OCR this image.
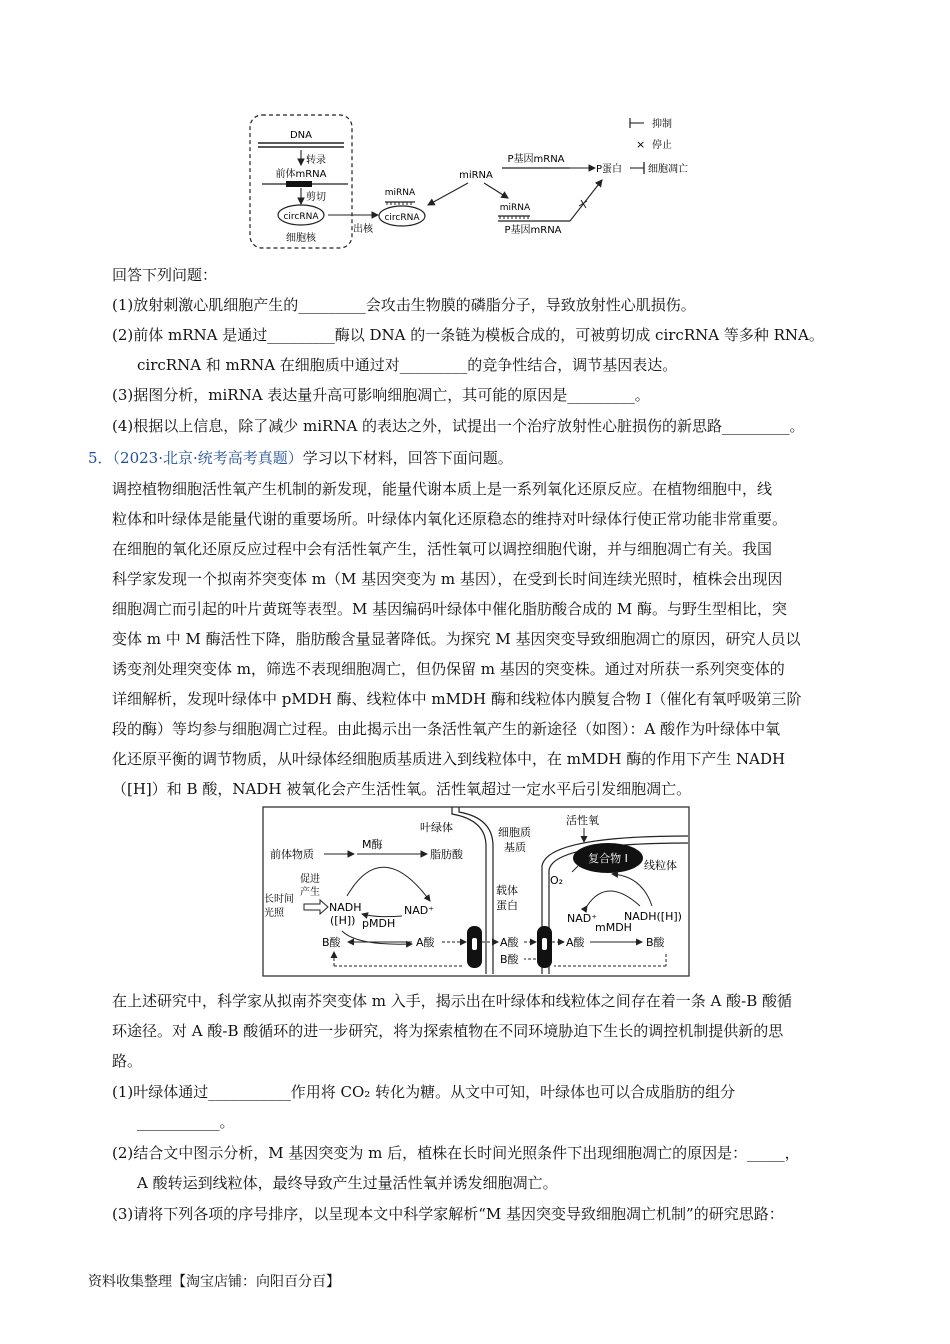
DNA
转录
前体mRNA
剪切
circRNA
细胞核
出核
miRNA
circRNA
miRNA
P基因mRNA
P蛋白	细胞凋亡
miRNA
P基因mRNA
抑制
× 停止
回答下列问题：
(1)放射刺激心肌细胞产生的_________会攻击生物膜的磷脂分子，导致放射性心肌损伤。
(2)前体 mRNA 是通过_________酶以 DNA 的一条链为模板合成的，可被剪切成 circRNA 等多种 RNA。
circRNA 和 mRNA 在细胞质中通过对_________的竞争性结合，调节基因表达。
(3)据图分析，miRNA 表达量升高可影响细胞凋亡，其可能的原因是_________。
(4)根据以上信息，除了减少 miRNA 的表达之外，试提出一个治疗放射性心脏损伤的新思路_________。
5．（2023·北京·统考高考真题）学习以下材料，回答下面问题。
调控植物细胞活性氧产生机制的新发现，能量代谢本质上是一系列氧化还原反应。在植物细胞中，线
粒体和叶绿体是能量代谢的重要场所。叶绿体内氧化还原稳态的维持对叶绿体行使正常功能非常重要。
在细胞的氧化还原反应过程中会有活性氧产生，活性氧可以调控细胞代谢，并与细胞凋亡有关。我国
科学家发现一个拟南芥突变体 m（M 基因突变为 m 基因），在受到长时间连续光照时，植株会出现因
细胞凋亡而引起的叶片黄斑等表型。M 基因编码叶绿体中催化脂肪酸合成的 M 酶。与野生型相比，突
变体 m 中 M 酶活性下降，脂肪酸含量显著降低。为探究 M 基因突变导致细胞凋亡的原因，研究人员以
诱变剂处理突变体 m，筛选不表现细胞凋亡，但仍保留 m 基因的突变株。通过对所获一系列突变体的
详细解析，发现叶绿体中 pMDH 酶、线粒体中 mMDH 酶和线粒体内膜复合物 I（催化有氧呼吸第三阶
段的酶）等均参与细胞凋亡过程。由此揭示出一条活性氧产生的新途径（如图）：A 酸作为叶绿体中氧
化还原平衡的调节物质，从叶绿体经细胞质基质进入到线粒体中，在 mMDH 酶的作用下产生 NADH
（[H]）和 B 酸，NADH 被氧化会产生活性氧。活性氧超过一定水平后引发细胞凋亡。
叶绿体	细胞质
基质
活性氧
复合物 I
线粒体
前体物质
M酶
脂肪酸
长时间
光照
促进
产生
NADH
([H]) pMDH
NAD⁺
B酸	A酸
载体
蛋白
A酸
B酸
A酸	B酸
O₂
NAD⁺ NADH([H])
mMDH
在上述研究中，科学家从拟南芥突变体 m 入手，揭示出在叶绿体和线粒体之间存在着一条 A 酸-B 酸循
环途径。对 A 酸-B 酸循环的进一步研究，将为探索植物在不同环境胁迫下生长的调控机制提供新的思
路。
(1)叶绿体通过___________作用将 CO₂ 转化为糖。从文中可知，叶绿体也可以合成脂肪的组分
___________。
(2)结合文中图示分析，M 基因突变为 m 后，植株在长时间光照条件下出现细胞凋亡的原因是：_____，
A 酸转运到线粒体，最终导致产生过量活性氧并诱发细胞凋亡。
(3)请将下列各项的序号排序，以呈现本文中科学家解析“M 基因突变导致细胞凋亡机制”的研究思路：
资料收集整理【淘宝店铺：向阳百分百】
